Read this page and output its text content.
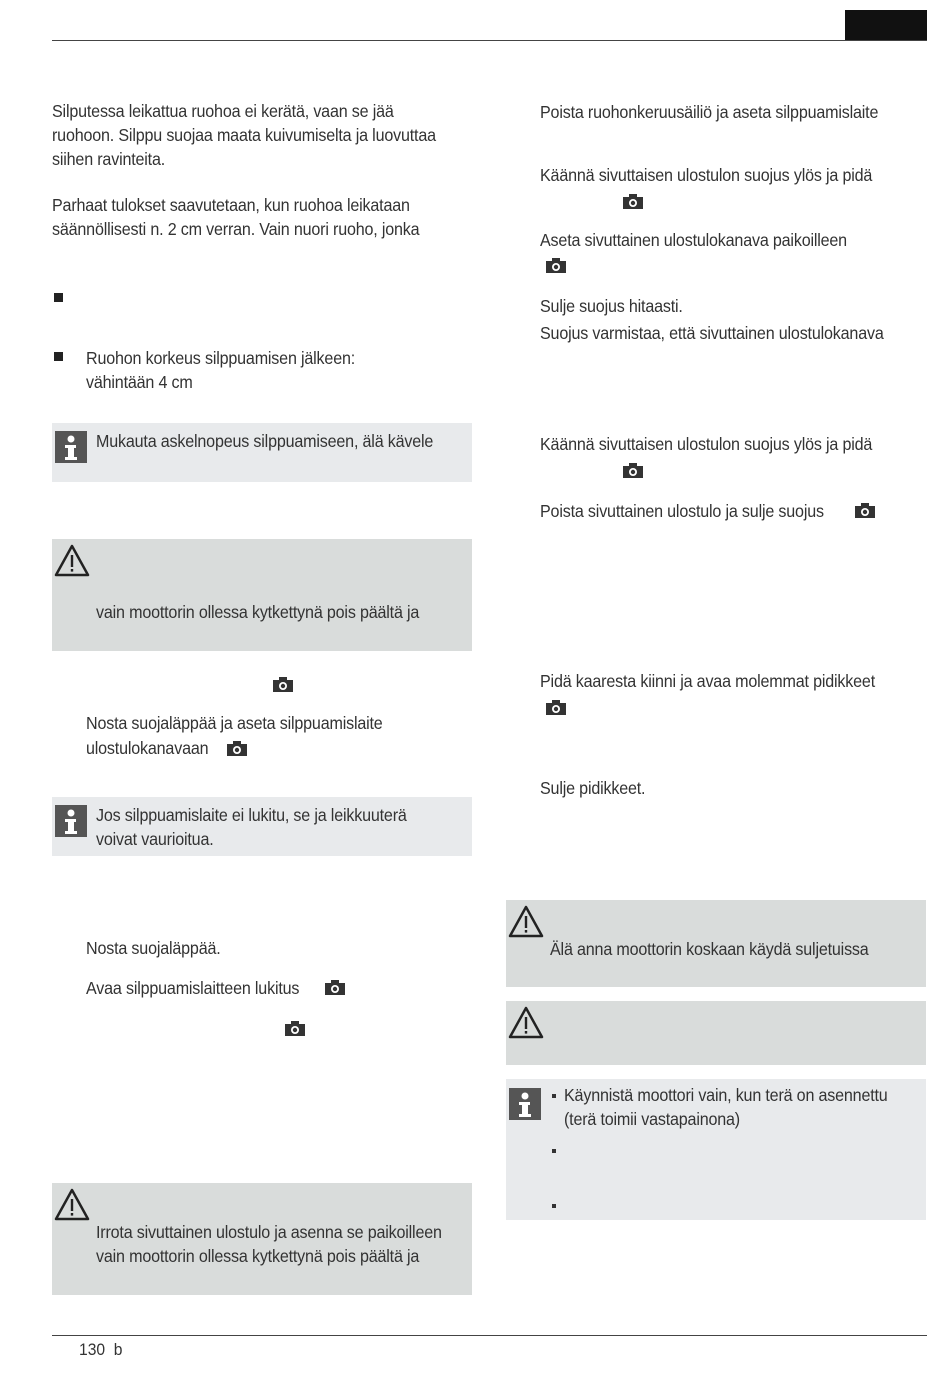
Silputessa leikattua ruohoa ei kerätä, vaan se jää
ruohoon. Silppu suojaa maata kuivumiselta ja luovuttaa
siihen ravinteita.
Parhaat tulokset saavutetaan, kun ruohoa leikataan
säännöllisesti n. 2 cm verran. Vain nuori ruoho, jonka
Ruohon korkeus silppuamisen jälkeen:
vähintään 4 cm
Mukauta askelnopeus silppuamiseen, älä kävele
vain moottorin ollessa kytkettynä pois päältä ja
Nosta suojaläppää ja aseta silppuamislaite
ulostulokanavaan
Jos silppuamislaite ei lukitu, se ja leikkuuterä
voivat vaurioitua.
Nosta suojaläppää.
Avaa silppuamislaitteen lukitus
Irrota sivuttainen ulostulo ja asenna se paikoilleen
vain moottorin ollessa kytkettynä pois päältä ja
Poista ruohonkeruusäiliö ja aseta silppuamislaite
Käännä sivuttaisen ulostulon suojus ylös ja pidä
Aseta sivuttainen ulostulokanava paikoilleen
Sulje suojus hitaasti.
Suojus varmistaa, että sivuttainen ulostulokanava
Käännä sivuttaisen ulostulon suojus ylös ja pidä
Poista sivuttainen ulostulo ja sulje suojus
Pidä kaaresta kiinni ja avaa molemmat pidikkeet
Sulje pidikkeet.
Älä anna moottorin koskaan käydä suljetuissa
Käynnistä moottori vain, kun terä on asennettu
(terä toimii vastapainona)
130 b
